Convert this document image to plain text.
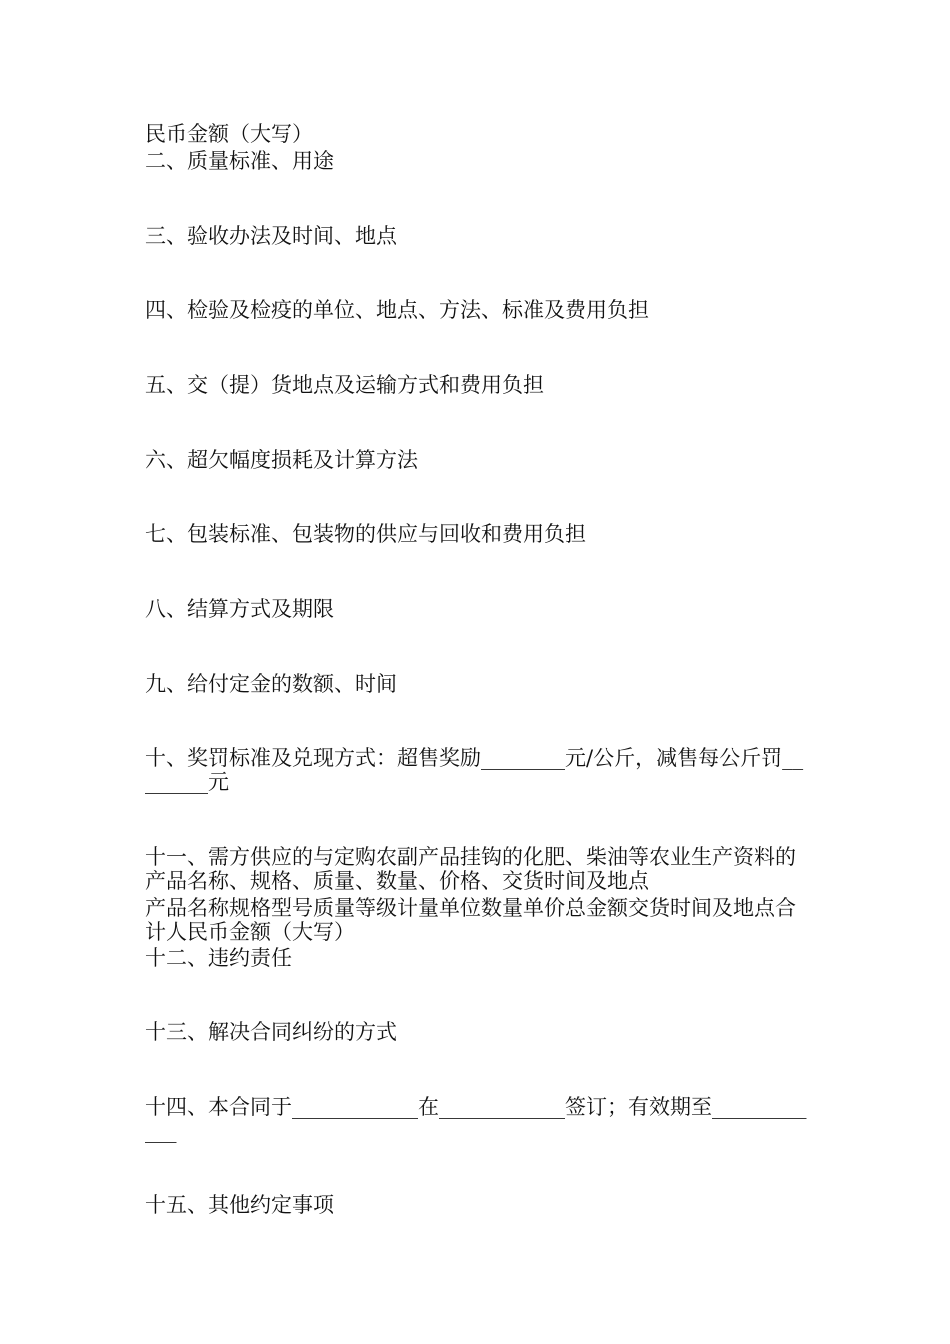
民币金额（大写）

二、质量标准、用途

三、验收办法及时间、地点

四、检验及检疫的单位、地点、方法、标准及费用负担

五、交（提）货地点及运输方式和费用负担

六、超欠幅度损耗及计算方法

七、包装标准、包装物的供应与回收和费用负担

八、结算方式及期限

九、给付定金的数额、时间

十、奖罚标准及兑现方式：超售奖励________元/公斤，减售每公斤罚________元

十一、需方供应的与定购农副产品挂钩的化肥、柴油等农业生产资料的产品名称、规格、质量、数量、价格、交货时间及地点

产品名称规格型号质量等级计量单位数量单价总金额交货时间及地点合计人民币金额（大写）

十二、违约责任

十三、解决合同纠纷的方式

十四、本合同于____________在____________签订；有效期至____________

十五、其他约定事项
